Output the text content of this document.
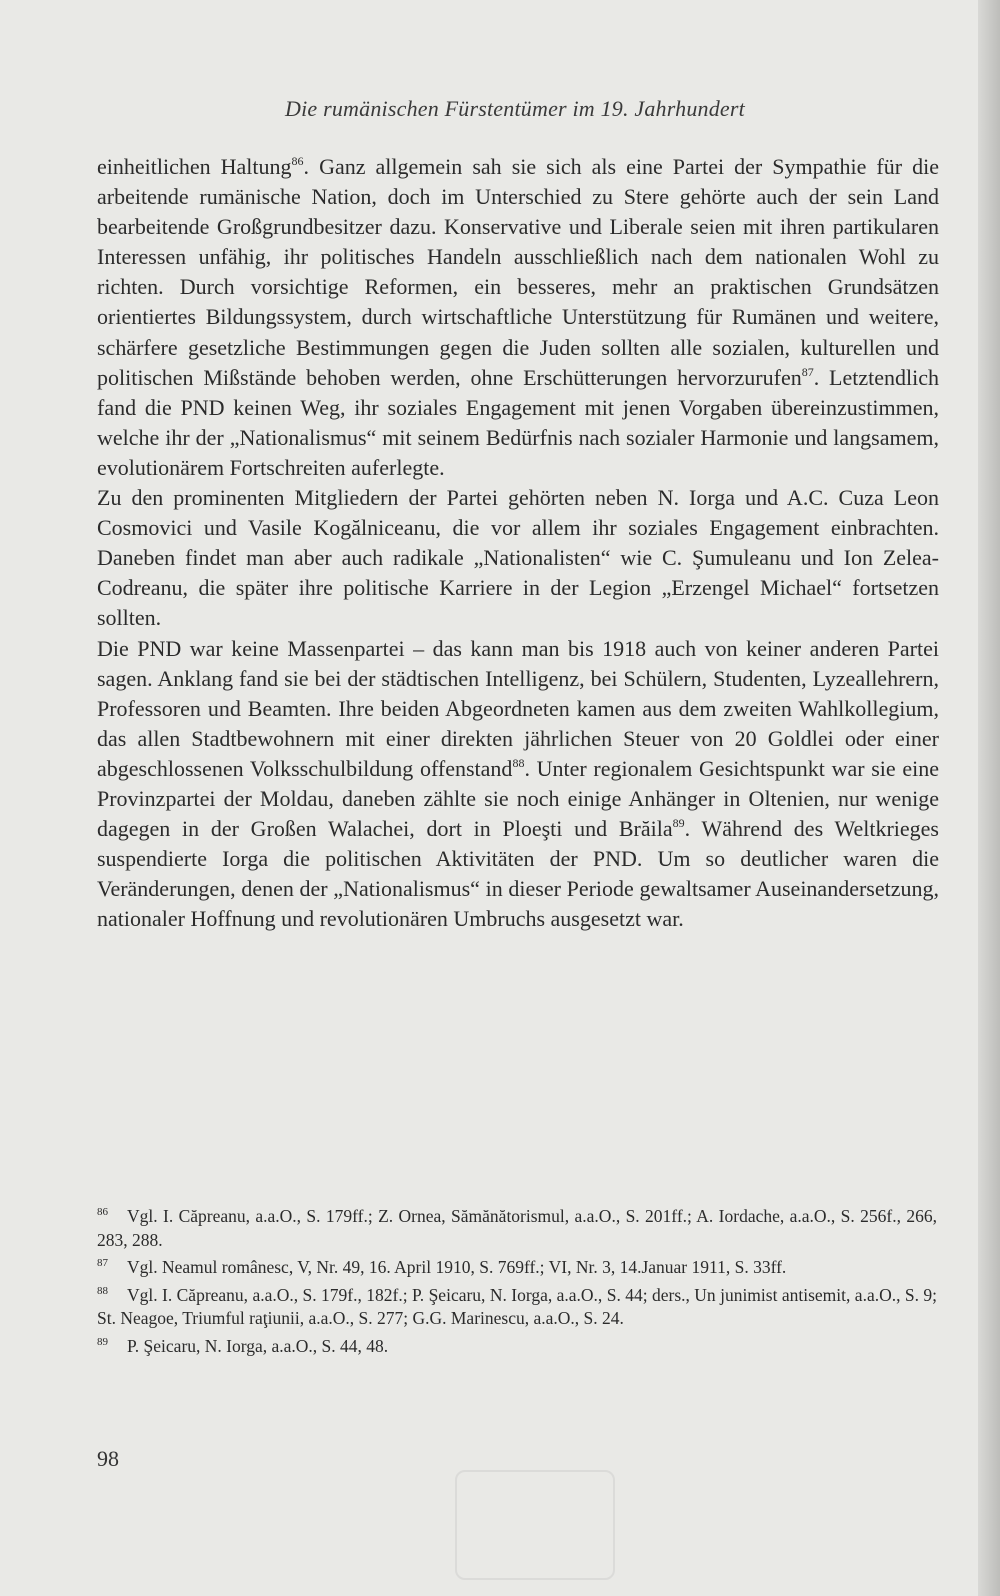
Die rumänischen Fürstentümer im 19. Jahrhundert

einheitlichen Haltung$^{86}$. Ganz allgemein sah sie sich als eine Partei der Sympathie für die arbeitende rumänische Nation, doch im Unterschied zu Stere gehörte auch der sein Land bearbeitende Großgrundbesitzer dazu. Konservative und Liberale seien mit ihren partikularen Interessen unfähig, ihr politisches Handeln ausschließlich nach dem nationalen Wohl zu richten. Durch vorsichtige Reformen, ein besseres, mehr an praktischen Grundsätzen orientiertes Bildungssystem, durch wirtschaftliche Unterstützung für Rumänen und weitere, schärfere gesetzliche Bestimmungen gegen die Juden sollten alle sozialen, kulturellen und politischen Mißstände behoben werden, ohne Erschütterungen hervorzurufen$^{87}$. Letztendlich fand die PND keinen Weg, ihr soziales Engagement mit jenen Vorgaben übereinzustimmen, welche ihr der „Nationalismus“ mit seinem Bedürfnis nach sozialer Harmonie und langsamem, evolutionärem Fortschreiten auferlegte.

Zu den prominenten Mitgliedern der Partei gehörten neben N. Iorga und A.C. Cuza Leon Cosmovici und Vasile Kogălniceanu, die vor allem ihr soziales Engagement einbrachten. Daneben findet man aber auch radikale „Nationalisten“ wie C. Şumuleanu und Ion Zelea-Codreanu, die später ihre politische Karriere in der Legion „Erzengel Michael“ fortsetzen sollten.

Die PND war keine Massenpartei – das kann man bis 1918 auch von keiner anderen Partei sagen. Anklang fand sie bei der städtischen Intelligenz, bei Schülern, Studenten, Lyzeallehrern, Professoren und Beamten. Ihre beiden Abgeordneten kamen aus dem zweiten Wahlkollegium, das allen Stadtbewohnern mit einer direkten jährlichen Steuer von 20 Goldlei oder einer abgeschlossenen Volksschulbildung offenstand$^{88}$. Unter regionalem Gesichtspunkt war sie eine Provinzpartei der Moldau, daneben zählte sie noch einige Anhänger in Oltenien, nur wenige dagegen in der Großen Walachei, dort in Ploeşti und Brăila$^{89}$. Während des Weltkrieges suspendierte Iorga die politischen Aktivitäten der PND. Um so deutlicher waren die Veränderungen, denen der „Nationalismus“ in dieser Periode gewaltsamer Auseinandersetzung, nationaler Hoffnung und revolutionären Umbruchs ausgesetzt war.

86 Vgl. I. Căpreanu, a.a.O., S. 179ff.; Z. Ornea, Sămănătorismul, a.a.O., S. 201ff.; A. Iordache, a.a.O., S. 256f., 266, 283, 288.

87 Vgl. Neamul românesc, V, Nr. 49, 16. April 1910, S. 769ff.; VI, Nr. 3, 14.Januar 1911, S. 33ff.

88 Vgl. I. Căpreanu, a.a.O., S. 179f., 182f.; P. Şeicaru, N. Iorga, a.a.O., S. 44; ders., Un junimist antisemit, a.a.O., S. 9; St. Neagoe, Triumful raţiunii, a.a.O., S. 277; G.G. Marinescu, a.a.O., S. 24.

89 P. Şeicaru, N. Iorga, a.a.O., S. 44, 48.

98
